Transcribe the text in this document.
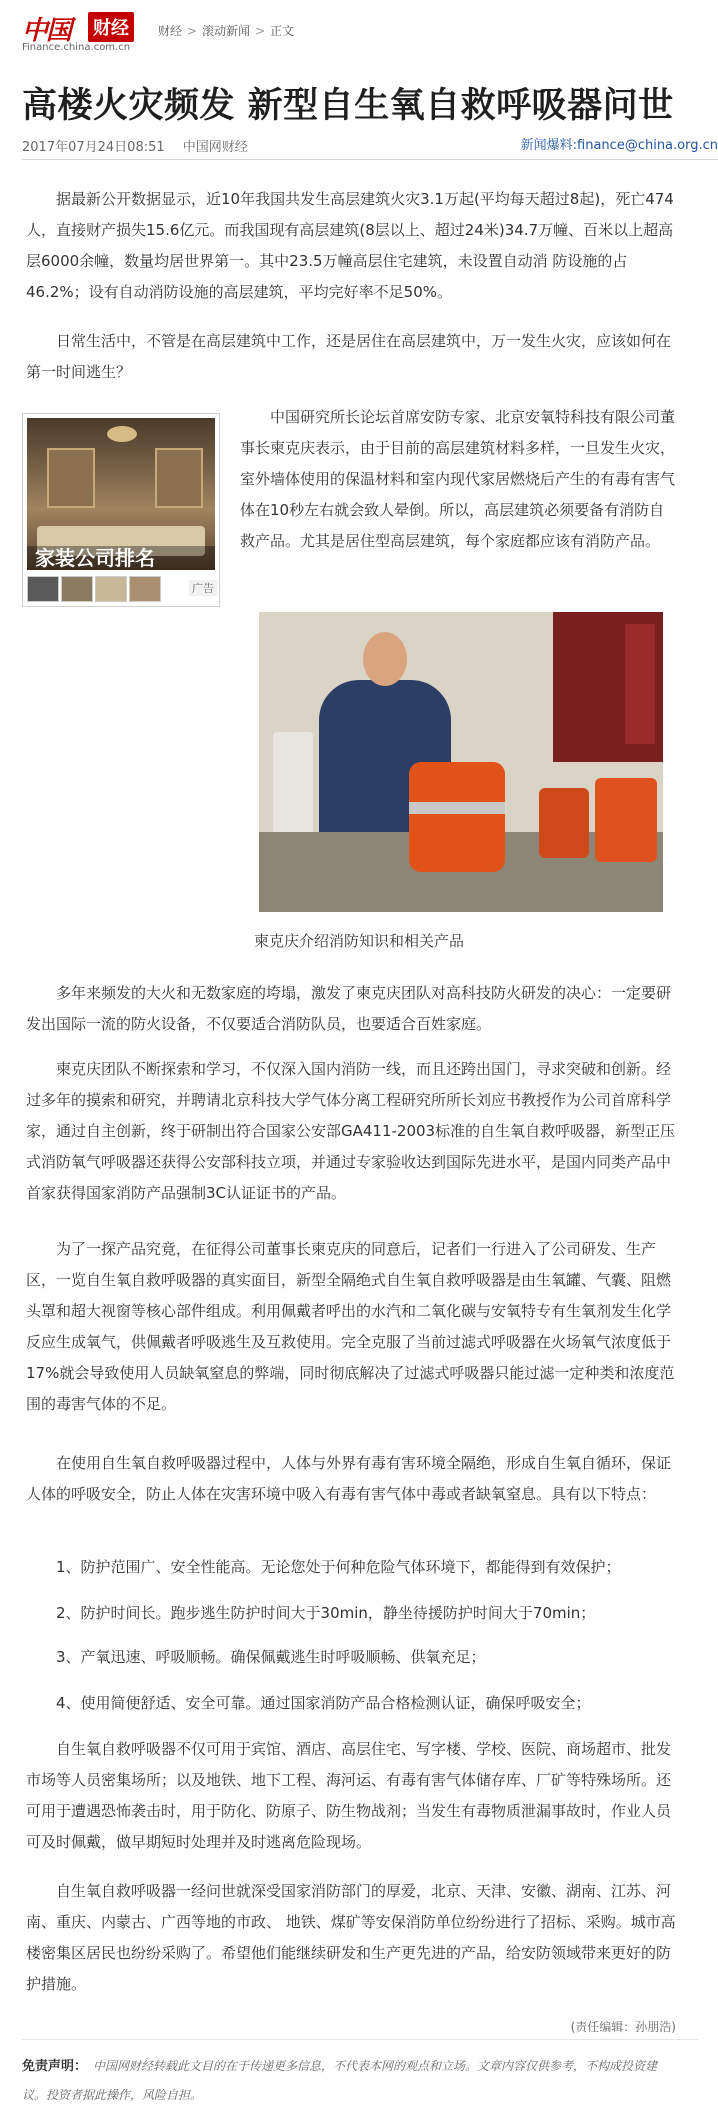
中国 财经
Finance.china.com.cn
财经 > 滚动新闻 > 正文
高楼火灾频发 新型自生氧自救呼吸器问世
2017年07月24日08:51 中国网财经	新闻爆料:finance@china.org.cn
据最新公开数据显示，近10年我国共发生高层建筑火灾3.1万起(平均每天超过8起)，死亡474 人，直接财产损失15.6亿元。而我国现有高层建筑(8层以上、超过24米)34.7万幢、百米以上超高层6000余幢，数量均居世界第一。其中23.5万幢高层住宅建筑，未设置自动消 防设施的占46.2%；设有自动消防设施的高层建筑，平均完好率不足50%。
日常生活中，不管是在高层建筑中工作，还是居住在高层建筑中，万一发生火灾，应该如何在第一时间逃生？
家装公司排名
广告
中国研究所长论坛首席安防专家、北京安氧特科技有限公司董事长柬克庆表示，由于目前的高层建筑材料多样，一旦发生火灾，室外墙体使用的保温材料和室内现代家居燃烧后产生的有毒有害气体在10秒左右就会致人晕倒。所以，高层建筑必须要备有消防自救产品。尤其是居住型高层建筑，每个家庭都应该有消防产品。
柬克庆介绍消防知识和相关产品
多年来频发的大火和无数家庭的垮塌，激发了柬克庆团队对高科技防火研发的决心：一定要研发出国际一流的防火设备，不仅要适合消防队员，也要适合百姓家庭。
柬克庆团队不断探索和学习，不仅深入国内消防一线，而且还跨出国门，寻求突破和创新。经过多年的摸索和研究，并聘请北京科技大学气体分离工程研究所所长刘应书教授作为公司首席科学家，通过自主创新，终于研制出符合国家公安部GA411-2003标准的自生氧自救呼吸器，新型正压式消防氧气呼吸器还获得公安部科技立项，并通过专家验收达到国际先进水平，是国内同类产品中首家获得国家消防产品强制3C认证证书的产品。
为了一探产品究竟，在征得公司董事长柬克庆的同意后，记者们一行进入了公司研发、生产区，一览自生氧自救呼吸器的真实面目，新型全隔绝式自生氧自救呼吸器是由生氧罐、气囊、阻燃头罩和超大视窗等核心部件组成。利用佩戴者呼出的水汽和二氧化碳与安氧特专有生氧剂发生化学反应生成氧气，供佩戴者呼吸逃生及互救使用。完全克服了当前过滤式呼吸器在火场氧气浓度低于17%就会导致使用人员缺氧窒息的弊端，同时彻底解决了过滤式呼吸器只能过滤一定种类和浓度范围的毒害气体的不足。
在使用自生氧自救呼吸器过程中，人体与外界有毒有害环境全隔绝，形成自生氧自循环，保证人体的呼吸安全，防止人体在灾害环境中吸入有毒有害气体中毒或者缺氧窒息。具有以下特点：
1、防护范围广、安全性能高。无论您处于何种危险气体环境下，都能得到有效保护；
2、防护时间长。跑步逃生防护时间大于30min，静坐待援防护时间大于70min；
3、产氧迅速、呼吸顺畅。确保佩戴逃生时呼吸顺畅、供氧充足；
4、使用简便舒适、安全可靠。通过国家消防产品合格检测认证，确保呼吸安全；
自生氧自救呼吸器不仅可用于宾馆、酒店、高层住宅、写字楼、学校、医院、商场超市、批发市场等人员密集场所；以及地铁、地下工程、海河运、有毒有害气体储存库、厂矿等特殊场所。还可用于遭遇恐怖袭击时，用于防化、防原子、防生物战剂；当发生有毒物质泄漏事故时，作业人员可及时佩戴，做早期短时处理并及时逃离危险现场。
自生氧自救呼吸器一经问世就深受国家消防部门的厚爱，北京、天津、安徽、湖南、江苏、河南、重庆、内蒙古、广西等地的市政、 地铁、煤矿等安保消防单位纷纷进行了招标、采购。城市高楼密集区居民也纷纷采购了。希望他们能继续研发和生产更先进的产品，给安防领域带来更好的防护措施。
(责任编辑：孙朋浩)
免责声明： 中国网财经转载此文目的在于传递更多信息，不代表本网的观点和立场。文章内容仅供参考，不构成投资建议。投资者据此操作，风险自担。
